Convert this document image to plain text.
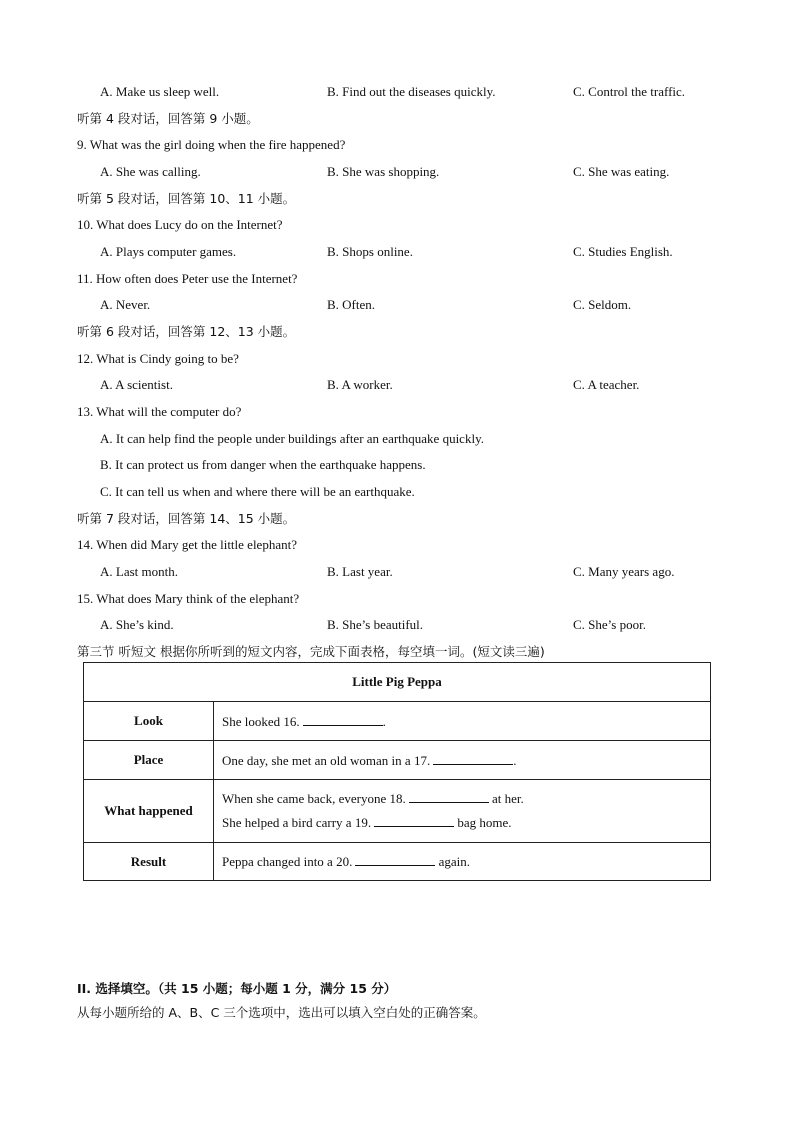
A. Make us sleep well.	B. Find out the diseases quickly.	C. Control the traffic.
听第 4 段对话，回答第 9 小题。
9. What was the girl doing when the fire happened?
A. She was calling.	B. She was shopping.	C. She was eating.
听第 5 段对话，回答第 10、11 小题。
10. What does Lucy do on the Internet?
A. Plays computer games.	B. Shops online.	C. Studies English.
11. How often does Peter use the Internet?
A. Never.	B. Often.	C. Seldom.
听第 6 段对话，回答第 12、13 小题。
12. What is Cindy going to be?
A. A scientist.	B. A worker.	C. A teacher.
13. What will the computer do?
A. It can help find the people under buildings after an earthquake quickly.
B. It can protect us from danger when the earthquake happens.
C. It can tell us when and where there will be an earthquake.
听第 7 段对话，回答第 14、15 小题。
14. When did Mary get the little elephant?
A. Last month.	B. Last year.	C. Many years ago.
15. What does Mary think of the elephant?
A. She’s kind.	B. She’s beautiful.	C. She’s poor.
第三节 听短文 根据你所听到的短文内容，完成下面表格，每空填一词。(短文读三遍)
Little Pig Peppa	
Look	She looked 16. .
Place	One day, she met an old woman in a 17. .
What happened	When she came back, everyone 18. at her.
She helped a bird carry a 19. bag home.

Result	Peppa changed into a 20. again.
II. 选择填空。（共 15 小题；每小题 1 分，满分 15 分）
从每小题所给的 A、B、C 三个选项中，选出可以填入空白处的正确答案。
